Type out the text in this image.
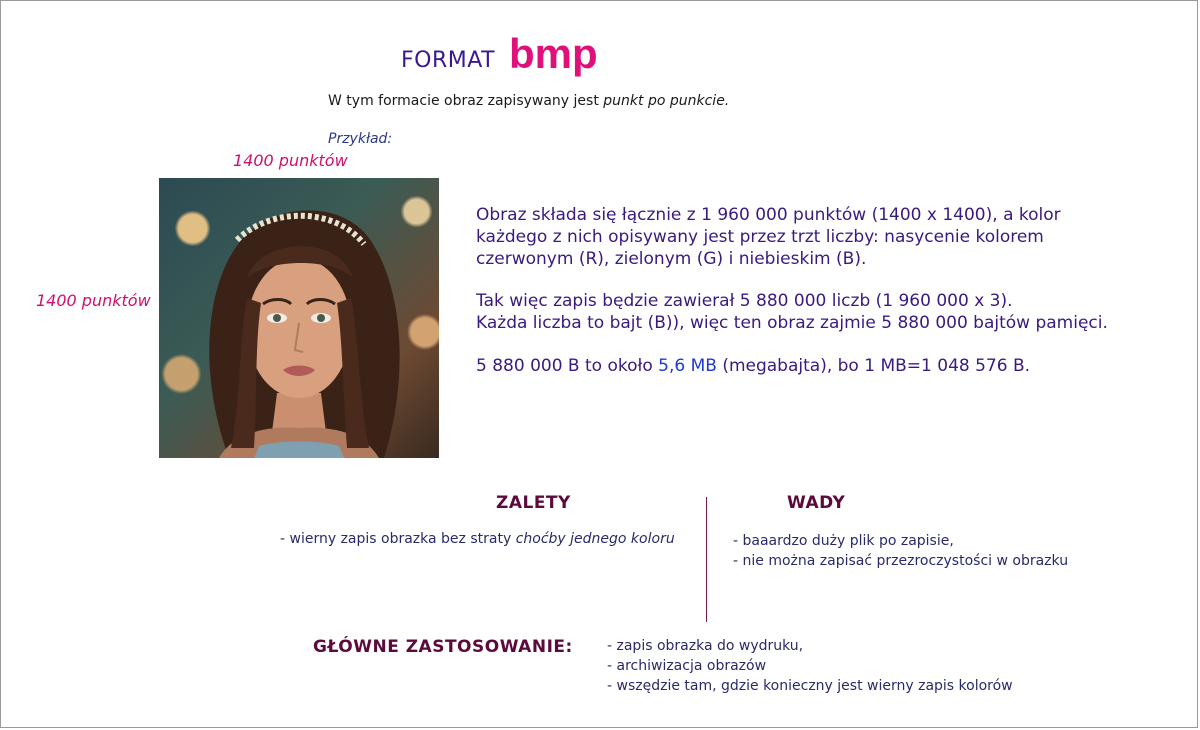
FORMAT bmp
W tym formacie obraz zapisywany jest punkt po punkcie.
Przykład:
1400 punktów
1400 punktów
Obraz składa się łącznie z 1 960 000 punktów (1400 x 1400), a kolor
każdego z nich opisywany jest przez trzt liczby: nasycenie kolorem
czerwonym (R), zielonym (G) i niebieskim (B).
Tak więc zapis będzie zawierał 5 880 000 liczb (1 960 000 x 3).
Każda liczba to bajt (B)), więc ten obraz zajmie 5 880 000 bajtów pamięci.
5 880 000 B to około 5,6 MB (megabajta), bo 1 MB=1 048 576 B.
ZALETY	WADY
- wierny zapis obrazka bez straty choćby jednego koloru	- baaardzo duży plik po zapisie,
- nie można zapisać przezroczystości w obrazku
GŁÓWNE ZASTOSOWANIE: - zapis obrazka do wydruku,
- archiwizacja obrazów
- wszędzie tam, gdzie konieczny jest wierny zapis kolorów
